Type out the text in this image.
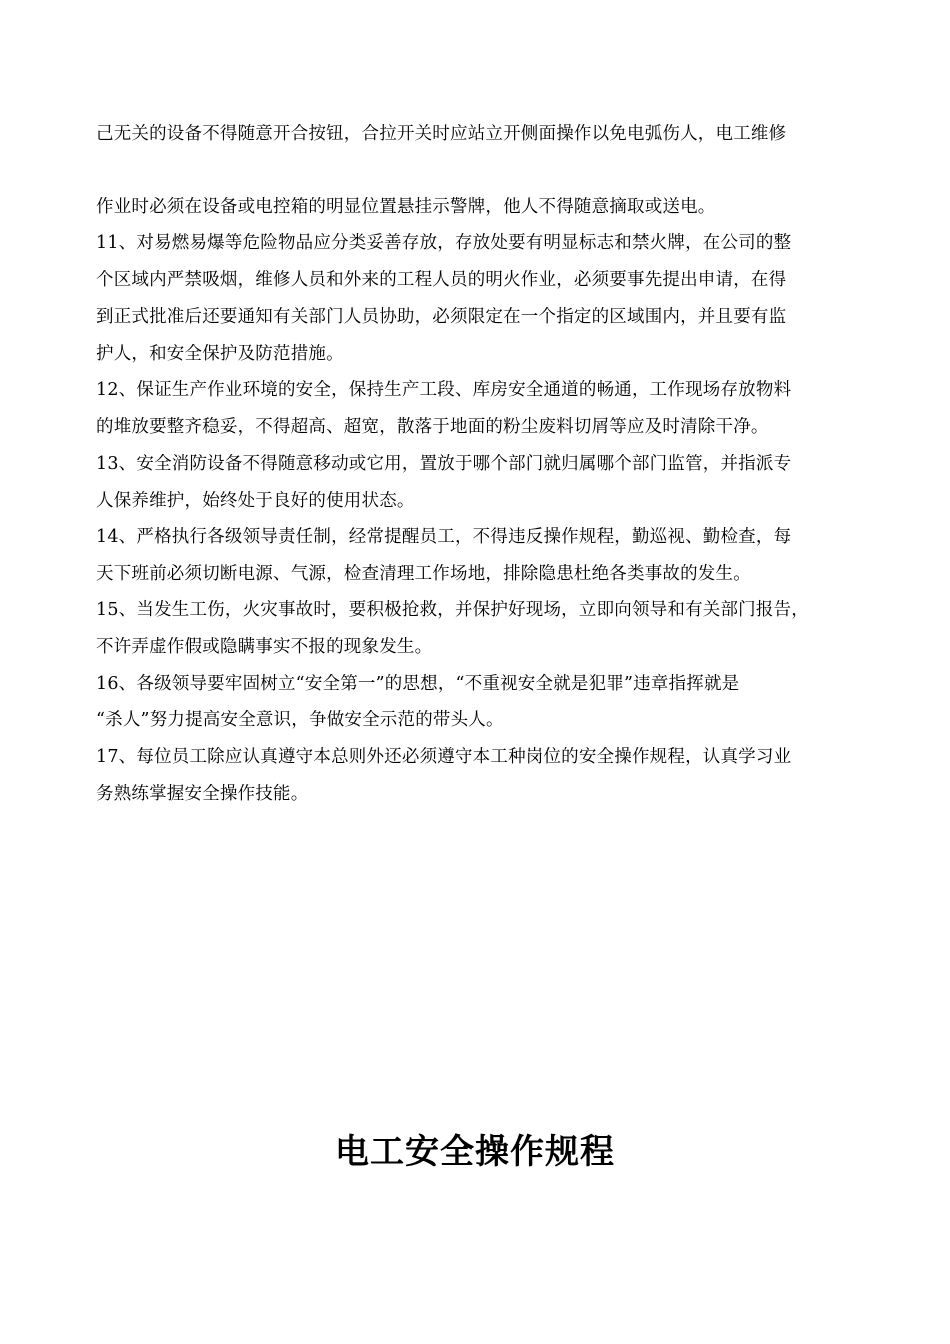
己无关的设备不得随意开合按钮，合拉开关时应站立开侧面操作以免电弧伤人，电工维修
作业时必须在设备或电控箱的明显位置悬挂示警牌，他人不得随意摘取或送电。
11、对易燃易爆等危险物品应分类妥善存放，存放处要有明显标志和禁火牌，在公司的整
个区域内严禁吸烟，维修人员和外来的工程人员的明火作业，必须要事先提出申请，在得
到正式批准后还要通知有关部门人员协助，必须限定在一个指定的区域围内，并且要有监
护人，和安全保护及防范措施。
12、保证生产作业环境的安全，保持生产工段、库房安全通道的畅通，工作现场存放物料
的堆放要整齐稳妥，不得超高、超宽，散落于地面的粉尘废料切屑等应及时清除干净。
13、安全消防设备不得随意移动或它用，置放于哪个部门就归属哪个部门监管，并指派专
人保养维护，始终处于良好的使用状态。
14、严格执行各级领导责任制，经常提醒员工，不得违反操作规程，勤巡视、勤检查，每
天下班前必须切断电源、气源，检查清理工作场地，排除隐患杜绝各类事故的发生。
15、当发生工伤，火灾事故时，要积极抢救，并保护好现场，立即向领导和有关部门报告，
不许弄虚作假或隐瞒事实不报的现象发生。
16、各级领导要牢固树立“安全第一”的思想，“不重视安全就是犯罪”违章指挥就是
“杀人”努力提高安全意识，争做安全示范的带头人。
17、每位员工除应认真遵守本总则外还必须遵守本工种岗位的安全操作规程，认真学习业
务熟练掌握安全操作技能。
电工安全操作规程
